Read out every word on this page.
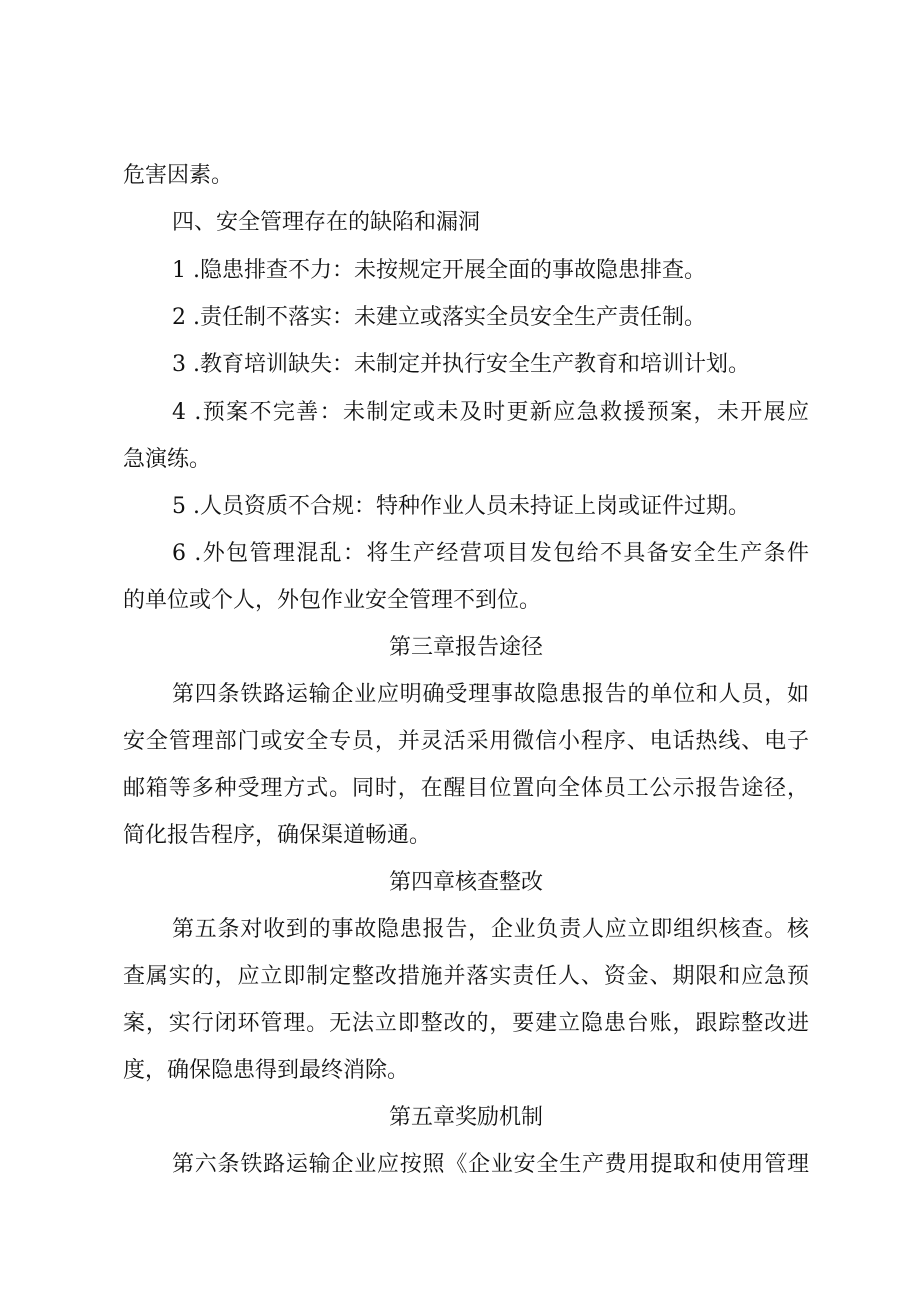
危害因素。
四、安全管理存在的缺陷和漏洞
1 .隐患排查不力：未按规定开展全面的事故隐患排查。
2 .责任制不落实：未建立或落实全员安全生产责任制。
3 .教育培训缺失：未制定并执行安全生产教育和培训计划。
4 .预案不完善：未制定或未及时更新应急救援预案，未开展应
急演练。
5 .人员资质不合规：特种作业人员未持证上岗或证件过期。
6 .外包管理混乱：将生产经营项目发包给不具备安全生产条件
的单位或个人，外包作业安全管理不到位。
第三章报告途径
第四条铁路运输企业应明确受理事故隐患报告的单位和人员，如
安全管理部门或安全专员，并灵活采用微信小程序、电话热线、电子
邮箱等多种受理方式。同时，在醒目位置向全体员工公示报告途径，
简化报告程序，确保渠道畅通。
第四章核查整改
第五条对收到的事故隐患报告，企业负责人应立即组织核查。核
查属实的，应立即制定整改措施并落实责任人、资金、期限和应急预
案，实行闭环管理。无法立即整改的，要建立隐患台账，跟踪整改进
度，确保隐患得到最终消除。
第五章奖励机制
第六条铁路运输企业应按照《企业安全生产费用提取和使用管理
